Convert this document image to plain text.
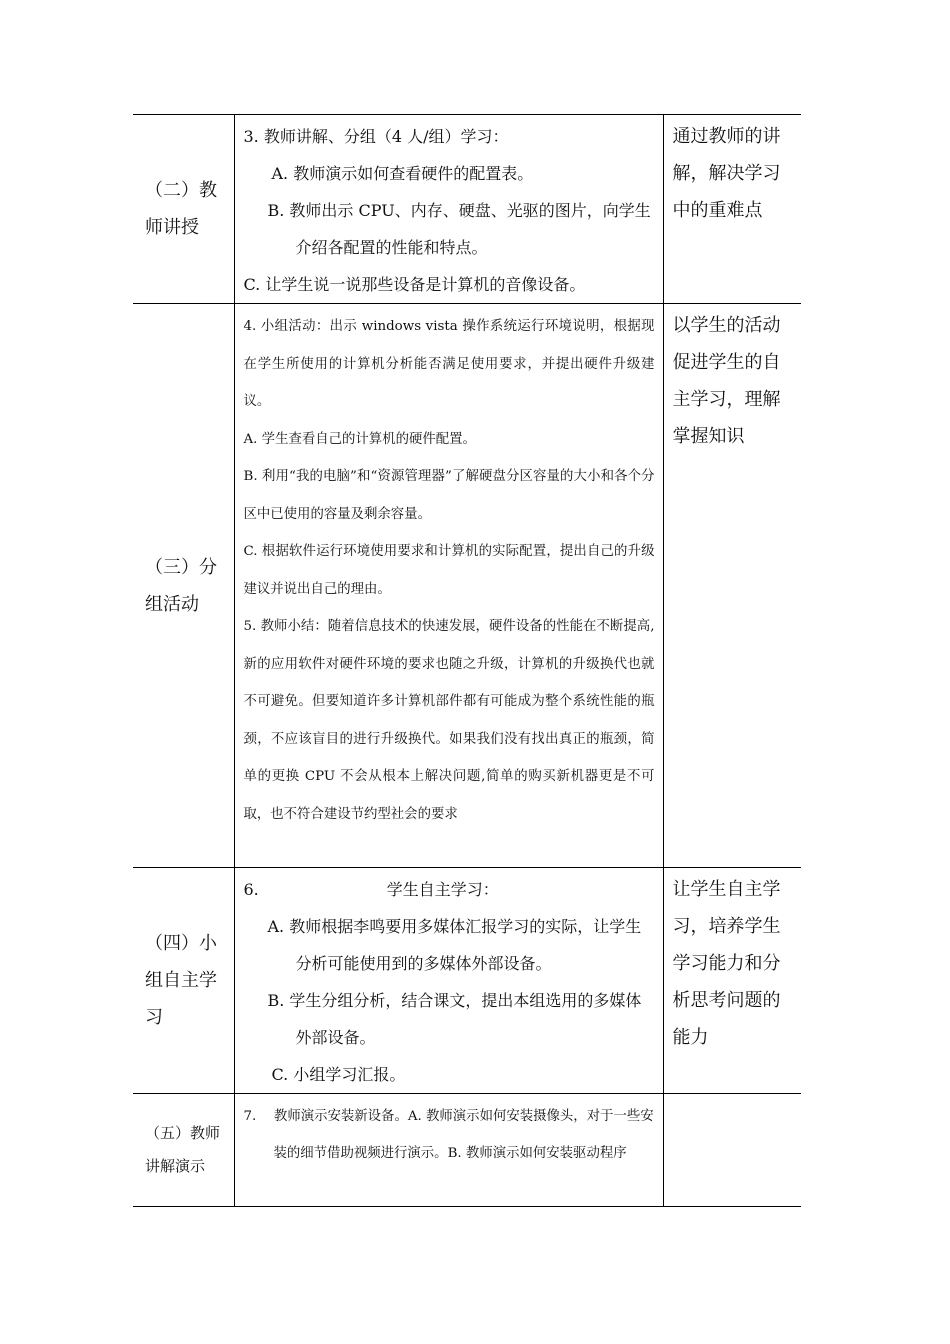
（二）教师讲授	3. 教师讲解、分组（4 人/组）学习：
A. 教师演示如何查看硬件的配置表。
B. 教师出示 CPU、内存、硬盘、光驱的图片，向学生介绍各配置的性能和特点。
C. 让学生说一说那些设备是计算机的音像设备。	通过教师的讲解，解决学习中的重难点

（三）分组活动	4. 小组活动：出示 windows vista 操作系统运行环境说明，根据现在学生所使用的计算机分析能否满足使用要求，并提出硬件升级建议。
A. 学生查看自己的计算机的硬件配置。
B. 利用“我的电脑”和“资源管理器”了解硬盘分区容量的大小和各个分区中已使用的容量及剩余容量。
C. 根据软件运行环境使用要求和计算机的实际配置，提出自己的升级建议并说出自己的理由。
5. 教师小结：随着信息技术的快速发展，硬件设备的性能在不断提高,新的应用软件对硬件环境的要求也随之升级，计算机的升级换代也就不可避免。但要知道许多计算机部件都有可能成为整个系统性能的瓶颈，不应该盲目的进行升级换代。如果我们没有找出真正的瓶颈，简单的更换 CPU 不会从根本上解决问题,简单的购买新机器更是不可取，也不符合建设节约型社会的要求	以学生的活动促进学生的自主学习，理解掌握知识

（四）小组自主学习	6. 学生自主学习：
A. 教师根据李鸣要用多媒体汇报学习的实际，让学生分析可能使用到的多媒体外部设备。
B. 学生分组分析，结合课文，提出本组选用的多媒体外部设备。
C. 小组学习汇报。	让学生自主学习，培养学生学习能力和分析思考问题的能力

（五）教师讲解演示	7.　 教师演示安装新设备。A. 教师演示如何安装摄像头，对于一些安装的细节借助视频进行演示。B. 教师演示如何安装驱动程序	
